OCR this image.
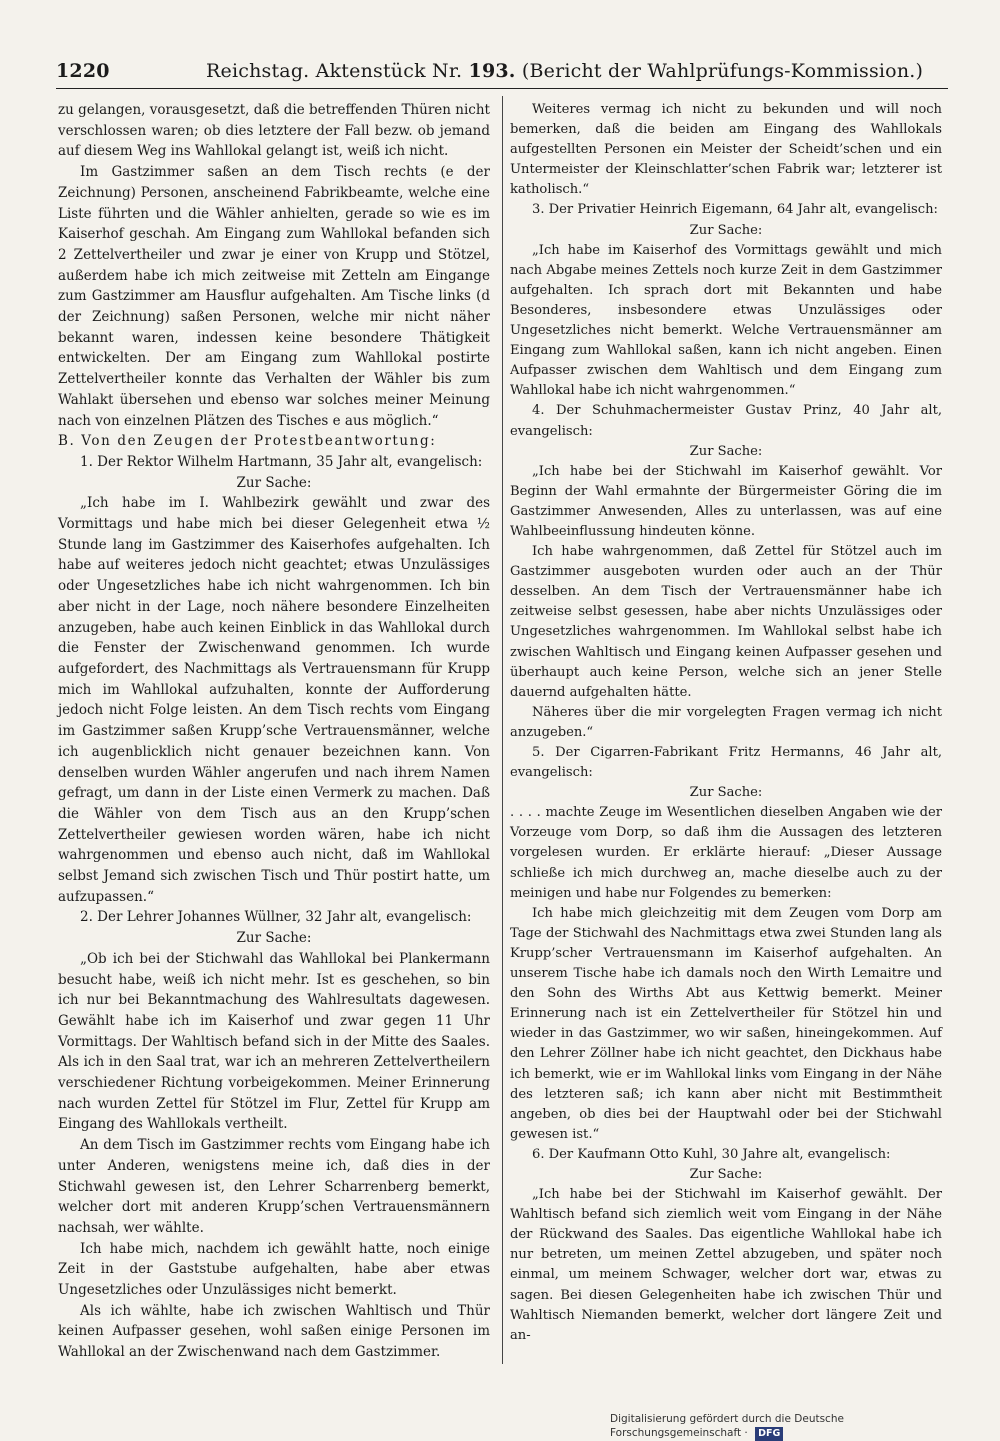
1220	Reichstag. Aktenstück Nr. 193. (Bericht der Wahlprüfungs-Kommission.)

zu gelangen, vorausgesetzt, daß die betreffenden Thüren nicht verschlossen waren; ob dies letztere der Fall bezw. ob jemand auf diesem Weg ins Wahllokal gelangt ist, weiß ich nicht.

Im Gastzimmer saßen an dem Tisch rechts (e der Zeichnung) Personen, anscheinend Fabrikbeamte, welche eine Liste führten und die Wähler anhielten, gerade so wie es im Kaiserhof geschah. Am Eingang zum Wahllokal befanden sich 2 Zettelvertheiler und zwar je einer von Krupp und Stötzel, außerdem habe ich mich zeitweise mit Zetteln am Eingange zum Gastzimmer am Hausflur aufgehalten. Am Tische links (d der Zeichnung) saßen Personen, welche mir nicht näher bekannt waren, indessen keine besondere Thätigkeit entwickelten. Der am Eingang zum Wahllokal postirte Zettelvertheiler konnte das Verhalten der Wähler bis zum Wahlakt übersehen und ebenso war solches meiner Meinung nach von einzelnen Plätzen des Tisches e aus möglich.“

B. Von den Zeugen der Protestbeantwortung:

1. Der Rektor Wilhelm Hartmann, 35 Jahr alt, evangelisch:

Zur Sache:

„Ich habe im I. Wahlbezirk gewählt und zwar des Vormittags und habe mich bei dieser Gelegenheit etwa ½ Stunde lang im Gastzimmer des Kaiserhofes aufgehalten. Ich habe auf weiteres jedoch nicht geachtet; etwas Unzulässiges oder Ungesetzliches habe ich nicht wahrgenommen. Ich bin aber nicht in der Lage, noch nähere besondere Einzelheiten anzugeben, habe auch keinen Einblick in das Wahllokal durch die Fenster der Zwischenwand genommen. Ich wurde aufgefordert, des Nachmittags als Vertrauensmann für Krupp mich im Wahllokal aufzuhalten, konnte der Aufforderung jedoch nicht Folge leisten. An dem Tisch rechts vom Eingang im Gastzimmer saßen Krupp’sche Vertrauensmänner, welche ich augenblicklich nicht genauer bezeichnen kann. Von denselben wurden Wähler angerufen und nach ihrem Namen gefragt, um dann in der Liste einen Vermerk zu machen. Daß die Wähler von dem Tisch aus an den Krupp’schen Zettelvertheiler gewiesen worden wären, habe ich nicht wahrgenommen und ebenso auch nicht, daß im Wahllokal selbst Jemand sich zwischen Tisch und Thür postirt hatte, um aufzupassen.“

2. Der Lehrer Johannes Wüllner, 32 Jahr alt, evangelisch:

Zur Sache:

„Ob ich bei der Stichwahl das Wahllokal bei Plankermann besucht habe, weiß ich nicht mehr. Ist es geschehen, so bin ich nur bei Bekanntmachung des Wahlresultats dagewesen. Gewählt habe ich im Kaiserhof und zwar gegen 11 Uhr Vormittags. Der Wahltisch befand sich in der Mitte des Saales. Als ich in den Saal trat, war ich an mehreren Zettelvertheilern verschiedener Richtung vorbeigekommen. Meiner Erinnerung nach wurden Zettel für Stötzel im Flur, Zettel für Krupp am Eingang des Wahllokals vertheilt.

An dem Tisch im Gastzimmer rechts vom Eingang habe ich unter Anderen, wenigstens meine ich, daß dies in der Stichwahl gewesen ist, den Lehrer Scharrenberg bemerkt, welcher dort mit anderen Krupp’schen Vertrauensmännern nachsah, wer wählte.

Ich habe mich, nachdem ich gewählt hatte, noch einige Zeit in der Gaststube aufgehalten, habe aber etwas Ungesetzliches oder Unzulässiges nicht bemerkt.

Als ich wählte, habe ich zwischen Wahltisch und Thür keinen Aufpasser gesehen, wohl saßen einige Personen im Wahllokal an der Zwischenwand nach dem Gastzimmer.

Weiteres vermag ich nicht zu bekunden und will noch bemerken, daß die beiden am Eingang des Wahllokals aufgestellten Personen ein Meister der Scheidt’schen und ein Untermeister der Kleinschlatter’schen Fabrik war; letzterer ist katholisch.“

3. Der Privatier Heinrich Eigemann, 64 Jahr alt, evangelisch:

Zur Sache:

„Ich habe im Kaiserhof des Vormittags gewählt und mich nach Abgabe meines Zettels noch kurze Zeit in dem Gastzimmer aufgehalten. Ich sprach dort mit Bekannten und habe Besonderes, insbesondere etwas Unzulässiges oder Ungesetzliches nicht bemerkt. Welche Vertrauensmänner am Eingang zum Wahllokal saßen, kann ich nicht angeben. Einen Aufpasser zwischen dem Wahltisch und dem Eingang zum Wahllokal habe ich nicht wahrgenommen.“

4. Der Schuhmachermeister Gustav Prinz, 40 Jahr alt, evangelisch:

Zur Sache:

„Ich habe bei der Stichwahl im Kaiserhof gewählt. Vor Beginn der Wahl ermahnte der Bürgermeister Göring die im Gastzimmer Anwesenden, Alles zu unterlassen, was auf eine Wahlbeeinflussung hindeuten könne.

Ich habe wahrgenommen, daß Zettel für Stötzel auch im Gastzimmer ausgeboten wurden oder auch an der Thür desselben. An dem Tisch der Vertrauensmänner habe ich zeitweise selbst gesessen, habe aber nichts Unzulässiges oder Ungesetzliches wahrgenommen. Im Wahllokal selbst habe ich zwischen Wahltisch und Eingang keinen Aufpasser gesehen und überhaupt auch keine Person, welche sich an jener Stelle dauernd aufgehalten hätte.

Näheres über die mir vorgelegten Fragen vermag ich nicht anzugeben.“

5. Der Cigarren-Fabrikant Fritz Hermanns, 46 Jahr alt, evangelisch:

Zur Sache:

. . . . machte Zeuge im Wesentlichen dieselben Angaben wie der Vorzeuge vom Dorp, so daß ihm die Aussagen des letzteren vorgelesen wurden. Er erklärte hierauf: „Dieser Aussage schließe ich mich durchweg an, mache dieselbe auch zu der meinigen und habe nur Folgendes zu bemerken:

Ich habe mich gleichzeitig mit dem Zeugen vom Dorp am Tage der Stichwahl des Nachmittags etwa zwei Stunden lang als Krupp’scher Vertrauensmann im Kaiserhof aufgehalten. An unserem Tische habe ich damals noch den Wirth Lemaitre und den Sohn des Wirths Abt aus Kettwig bemerkt. Meiner Erinnerung nach ist ein Zettelvertheiler für Stötzel hin und wieder in das Gastzimmer, wo wir saßen, hineingekommen. Auf den Lehrer Zöllner habe ich nicht geachtet, den Dickhaus habe ich bemerkt, wie er im Wahllokal links vom Eingang in der Nähe des letzteren saß; ich kann aber nicht mit Bestimmtheit angeben, ob dies bei der Hauptwahl oder bei der Stichwahl gewesen ist.“

6. Der Kaufmann Otto Kuhl, 30 Jahre alt, evangelisch:

Zur Sache:

„Ich habe bei der Stichwahl im Kaiserhof gewählt. Der Wahltisch befand sich ziemlich weit vom Eingang in der Nähe der Rückwand des Saales. Das eigentliche Wahllokal habe ich nur betreten, um meinen Zettel abzugeben, und später noch einmal, um meinem Schwager, welcher dort war, etwas zu sagen. Bei diesen Gelegenheiten habe ich zwischen Thür und Wahltisch Niemanden bemerkt, welcher dort längere Zeit und an-

Digitalisierung gefördert durch die Deutsche Forschungsgemeinschaft · DFG
